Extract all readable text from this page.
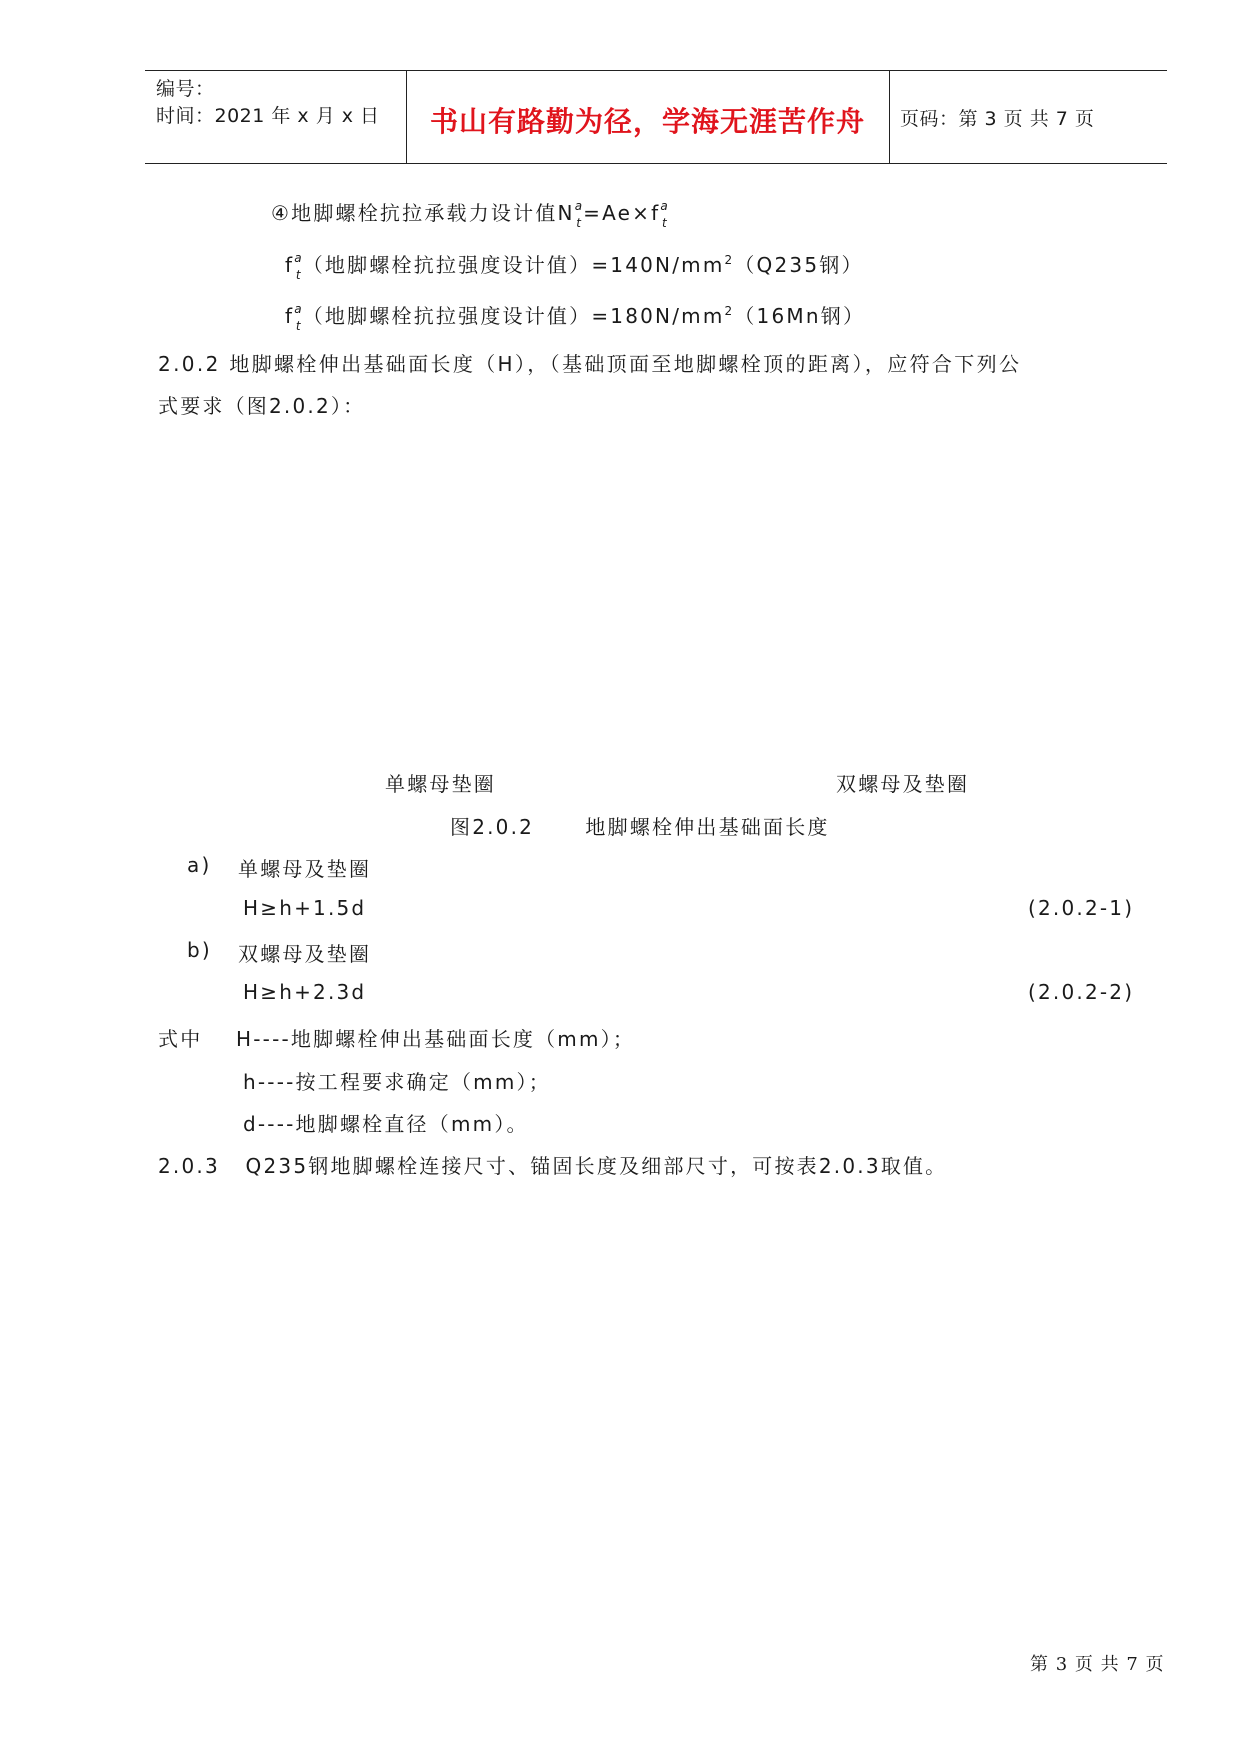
编号：
时间：2021 年 x 月 x 日 书山有路勤为径，学海无涯苦作舟 页码：第 3 页 共 7 页
④地脚螺栓抗拉承载力设计值$N^a_t=Ae\times f^a_t$
$f^a_t$（地脚螺栓抗拉强度设计值）$=140N/mm^2(Q235$钢）
$f^a_t$（地脚螺栓抗拉强度设计值）$=180N/mm^2(16Mn$钢）
2.0.2 地脚螺栓伸出基础面长度（H），（基础顶面至地脚螺栓顶的距离），应符合下列公
式要求（图2.0.2）：
单螺母垫圈	双螺母及垫圈
图2.0.2      地脚螺栓伸出基础面长度
a) 单螺母及垫圈
H≥h+1.5d	(2.0.2-1)
b) 双螺母及垫圈
H≥h+2.3d	(2.0.2-2)
式中 H----地脚螺栓伸出基础面长度（mm）；
h----按工程要求确定（mm）；
d----地脚螺栓直径（mm）。
2.0.3   Q235钢地脚螺栓连接尺寸、锚固长度及细部尺寸，可按表2.0.3取值。
第 3 页 共 7 页
